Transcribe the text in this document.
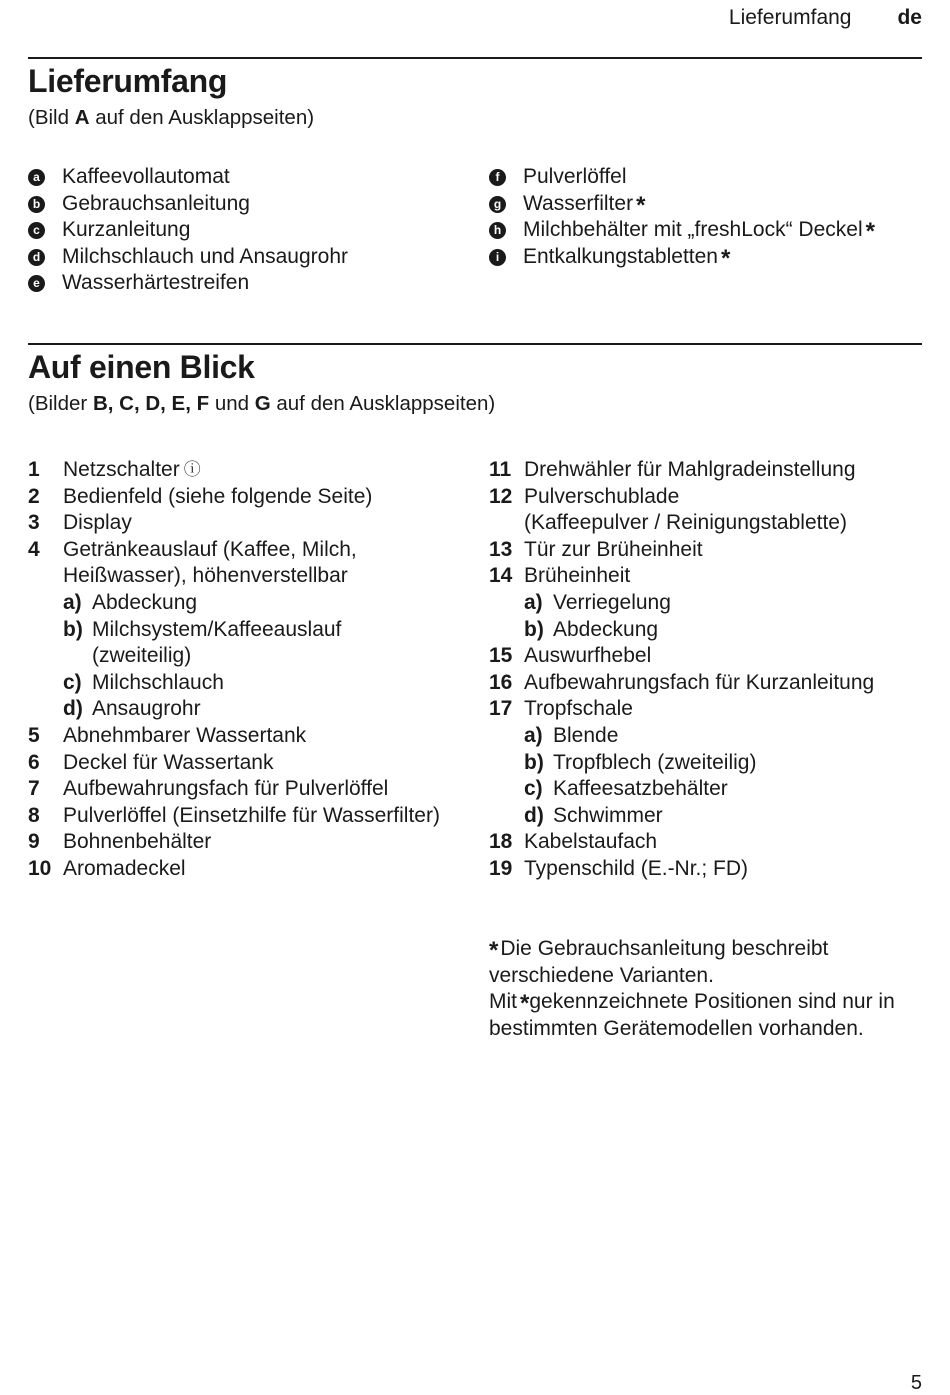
Lieferumfang de
Lieferumfang
(Bild A auf den Ausklappseiten)
a Kaffeevollautomat
b Gebrauchsanleitung
c Kurzanleitung
d Milchschlauch und Ansaugrohr
e Wasserhärtestreifen
f	Pulverlöffel
g Wasserfilter *
h Milchbehälter mit „freshLock“ Deckel *
i	Entkalkungstabletten *
Auf einen Blick
(Bilder B, C, D, E, F und G auf den Ausklappseiten)
1	Netzschalter ⓘ
2	Bedienfeld (siehe folgende Seite)
3	Display
4	Getränkeauslauf (Kaffee, Milch,
Heißwasser), höhenverstellbar
a) Abdeckung
b) Milchsystem/Kaffeeauslauf
(zweiteilig)
c) Milchschlauch
d) Ansaugrohr
5	Abnehmbarer Wassertank
6	Deckel für Wassertank
7	Aufbewahrungsfach für Pulverlöffel
8	Pulverlöffel (Einsetzhilfe für Wasserfilter)
9	Bohnenbehälter
10 Aromadeckel
11 Drehwähler für Mahlgradeinstellung
12 Pulverschublade
(Kaffeepulver / Reinigungstablette)
13 Tür zur Brüheinheit
14 Brüheinheit
a) Verriegelung
b) Abdeckung
15 Auswurfhebel
16 Aufbewahrungsfach für Kurzanleitung
17 Tropfschale
a) Blende
b) Tropfblech (zweiteilig)
c) Kaffeesatzbehälter
d) Schwimmer
18 Kabelstaufach
19 Typenschild (E.-Nr.; FD)
*Die Gebrauchsanleitung beschreibt
verschiedene Varianten.
Mit *gekennzeichnete Positionen sind nur in
bestimmten Gerätemodellen vorhanden.
5
